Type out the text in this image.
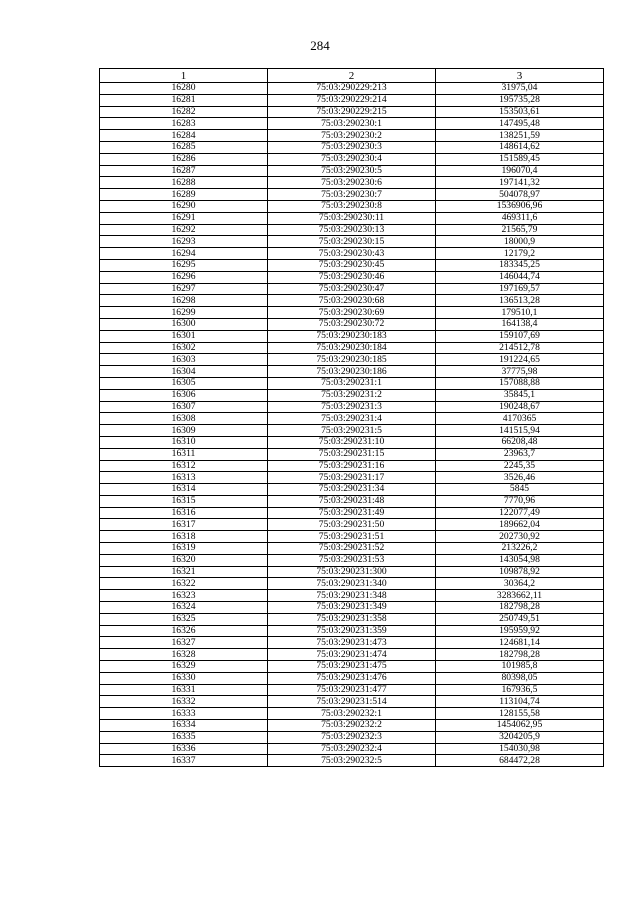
284
1	2	3
16280	75:03:290229:213	31975,04
16281	75:03:290229:214	195735,28
16282	75:03:290229:215	153503,61
16283	75:03:290230:1	147495,48
16284	75:03:290230:2	138251,59
16285	75:03:290230:3	148614,62
16286	75:03:290230:4	151589,45
16287	75:03:290230:5	196070,4
16288	75:03:290230:6	197141,32
16289	75:03:290230:7	504078,97
16290	75:03:290230:8	1536906,96
16291	75:03:290230:11	469311,6
16292	75:03:290230:13	21565,79
16293	75:03:290230:15	18000,9
16294	75:03:290230:43	12179,2
16295	75:03:290230:45	183345,25
16296	75:03:290230:46	146044,74
16297	75:03:290230:47	197169,57
16298	75:03:290230:68	136513,28
16299	75:03:290230:69	179510,1
16300	75:03:290230:72	164138,4
16301	75:03:290230:183	159107,69
16302	75:03:290230:184	214512,78
16303	75:03:290230:185	191224,65
16304	75:03:290230:186	37775,98
16305	75:03:290231:1	157088,88
16306	75:03:290231:2	35845,1
16307	75:03:290231:3	190248,67
16308	75:03:290231:4	4170365
16309	75:03:290231:5	141515,94
16310	75:03:290231:10	66208,48
16311	75:03:290231:15	23963,7
16312	75:03:290231:16	2245,35
16313	75:03:290231:17	3526,46
16314	75:03:290231:34	5845
16315	75:03:290231:48	7770,96
16316	75:03:290231:49	122077,49
16317	75:03:290231:50	189662,04
16318	75:03:290231:51	202730,92
16319	75:03:290231:52	213226,2
16320	75:03:290231:53	143054,98
16321	75:03:290231:300	109878,92
16322	75:03:290231:340	30364,2
16323	75:03:290231:348	3283662,11
16324	75:03:290231:349	182798,28
16325	75:03:290231:358	250749,51
16326	75:03:290231:359	195959,92
16327	75:03:290231:473	124681,14
16328	75:03:290231:474	182798,28
16329	75:03:290231:475	101985,8
16330	75:03:290231:476	80398,05
16331	75:03:290231:477	167936,5
16332	75:03:290231:514	113104,74
16333	75:03:290232:1	128155,58
16334	75:03:290232:2	1454062,95
16335	75:03:290232:3	3204205,9
16336	75:03:290232:4	154030,98
16337	75:03:290232:5	684472,28
